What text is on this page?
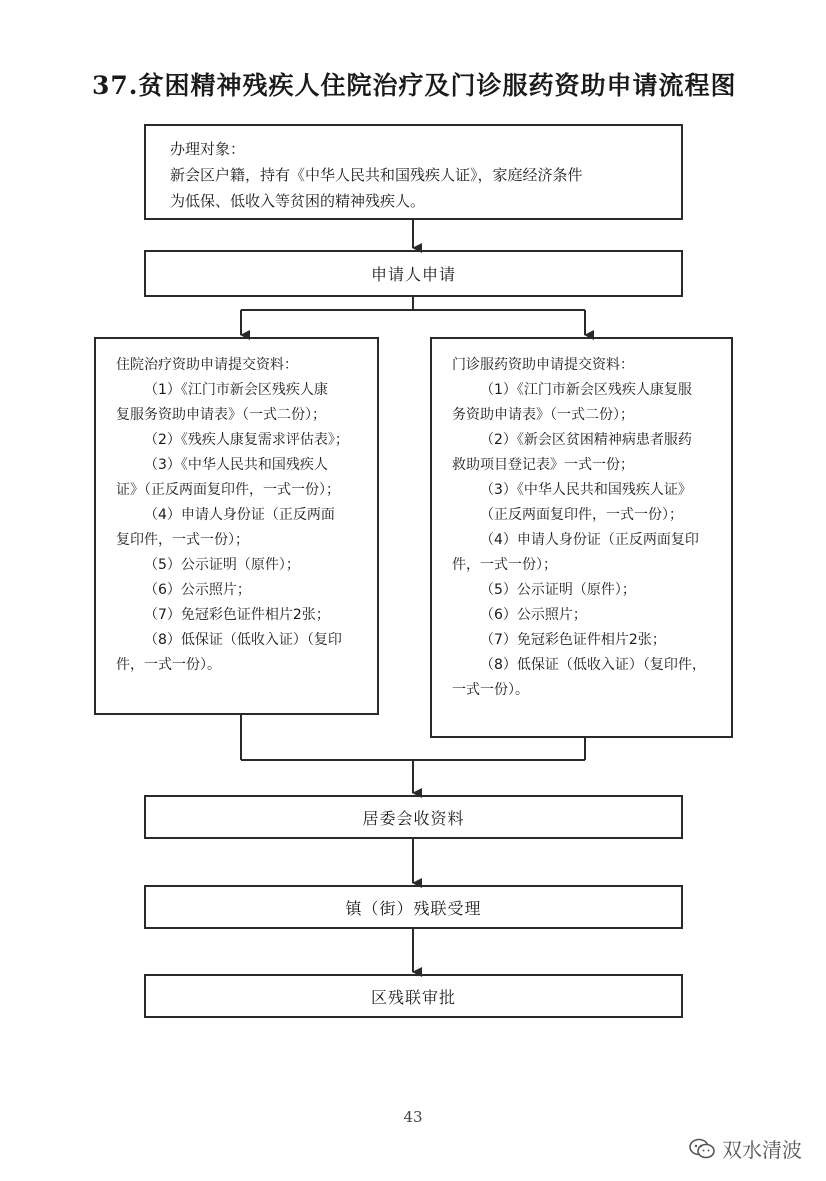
37.贫困精神残疾人住院治疗及门诊服药资助申请流程图
办理对象：
新会区户籍，持有《中华人民共和国残疾人证》，家庭经济条件
为低保、低收入等贫困的精神残疾人。
申请人申请
住院治疗资助申请提交资料：
（1）《江门市新会区残疾人康
复服务资助申请表》（一式二份）；
（2）《残疾人康复需求评估表》；
（3）《中华人民共和国残疾人
证》（正反两面复印件，一式一份）；
（4）申请人身份证（正反两面
复印件，一式一份）；
（5）公示证明（原件）；
（6）公示照片；
（7）免冠彩色证件相片2张；
（8）低保证（低收入证）（复印
件，一式一份）。
门诊服药资助申请提交资料：
（1）《江门市新会区残疾人康复服
务资助申请表》（一式二份）；
（2）《新会区贫困精神病患者服药
救助项目登记表》一式一份；
（3）《中华人民共和国残疾人证》
（正反两面复印件，一式一份）；
（4）申请人身份证（正反两面复印
件，一式一份）；
（5）公示证明（原件）；
（6）公示照片；
（7）免冠彩色证件相片2张；
（8）低保证（低收入证）（复印件，
一式一份）。
居委会收资料
镇（街）残联受理
区残联审批
43
双水清波
